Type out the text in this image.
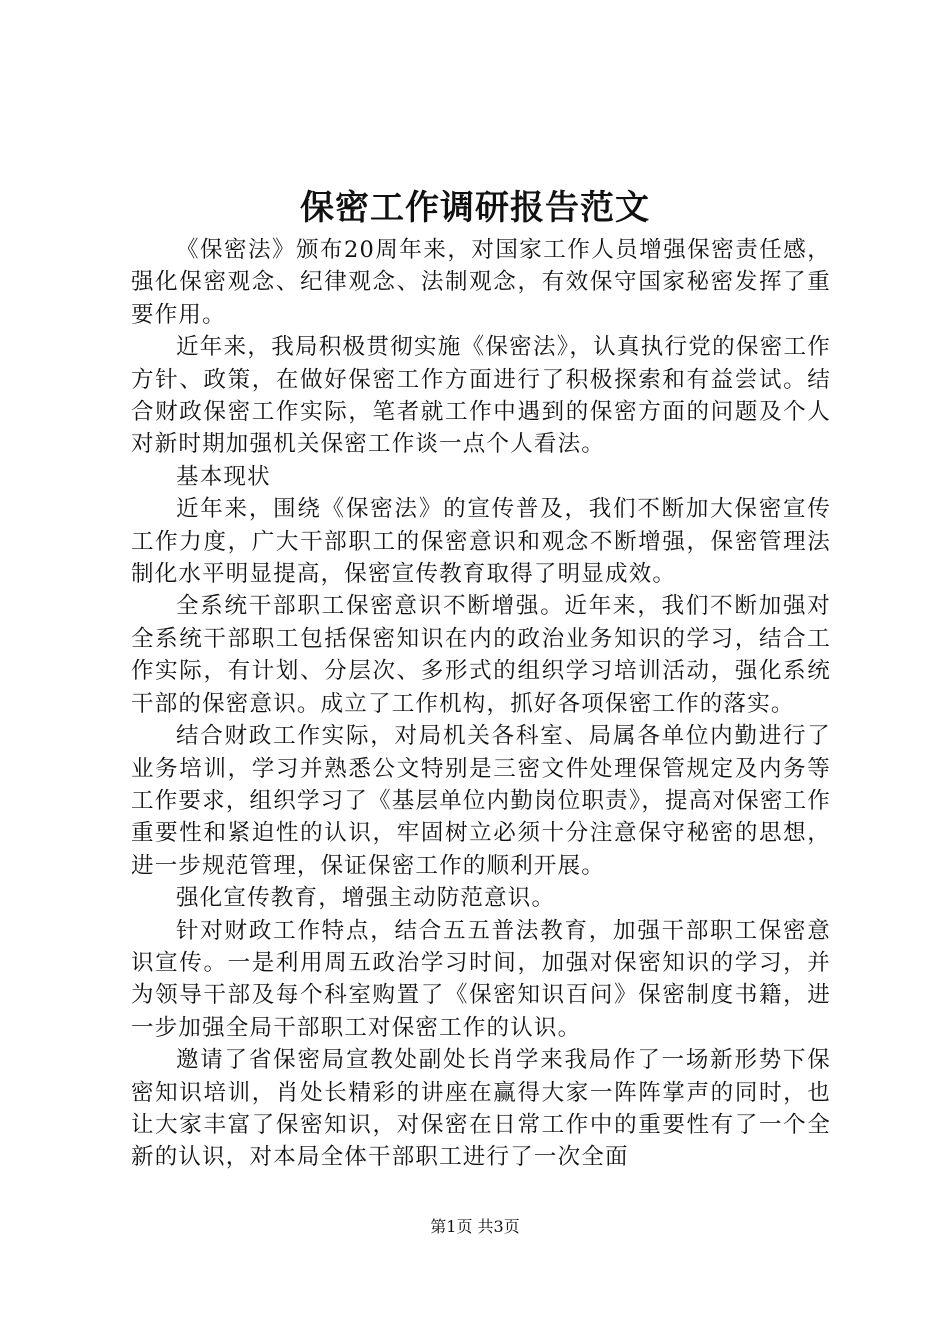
保密工作调研报告范文

《保密法》颁布20周年来，对国家工作人员增强保密责任感，强化保密观念、纪律观念、法制观念，有效保守国家秘密发挥了重要作用。

近年来，我局积极贯彻实施《保密法》，认真执行党的保密工作方针、政策，在做好保密工作方面进行了积极探索和有益尝试。结合财政保密工作实际，笔者就工作中遇到的保密方面的问题及个人对新时期加强机关保密工作谈一点个人看法。

基本现状

近年来，围绕《保密法》的宣传普及，我们不断加大保密宣传工作力度，广大干部职工的保密意识和观念不断增强，保密管理法制化水平明显提高，保密宣传教育取得了明显成效。

全系统干部职工保密意识不断增强。近年来，我们不断加强对全系统干部职工包括保密知识在内的政治业务知识的学习，结合工作实际，有计划、分层次、多形式的组织学习培训活动，强化系统干部的保密意识。成立了工作机构，抓好各项保密工作的落实。

结合财政工作实际，对局机关各科室、局属各单位内勤进行了业务培训，学习并熟悉公文特别是三密文件处理保管规定及内务等工作要求，组织学习了《基层单位内勤岗位职责》，提高对保密工作重要性和紧迫性的认识，牢固树立必须十分注意保守秘密的思想，进一步规范管理，保证保密工作的顺利开展。

强化宣传教育，增强主动防范意识。

针对财政工作特点，结合五五普法教育，加强干部职工保密意识宣传。一是利用周五政治学习时间，加强对保密知识的学习，并为领导干部及每个科室购置了《保密知识百问》保密制度书籍，进一步加强全局干部职工对保密工作的认识。

邀请了省保密局宣教处副处长肖学来我局作了一场新形势下保密知识培训，肖处长精彩的讲座在赢得大家一阵阵掌声的同时，也让大家丰富了保密知识，对保密在日常工作中的重要性有了一个全新的认识，对本局全体干部职工进行了一次全面

第1页 共3页
